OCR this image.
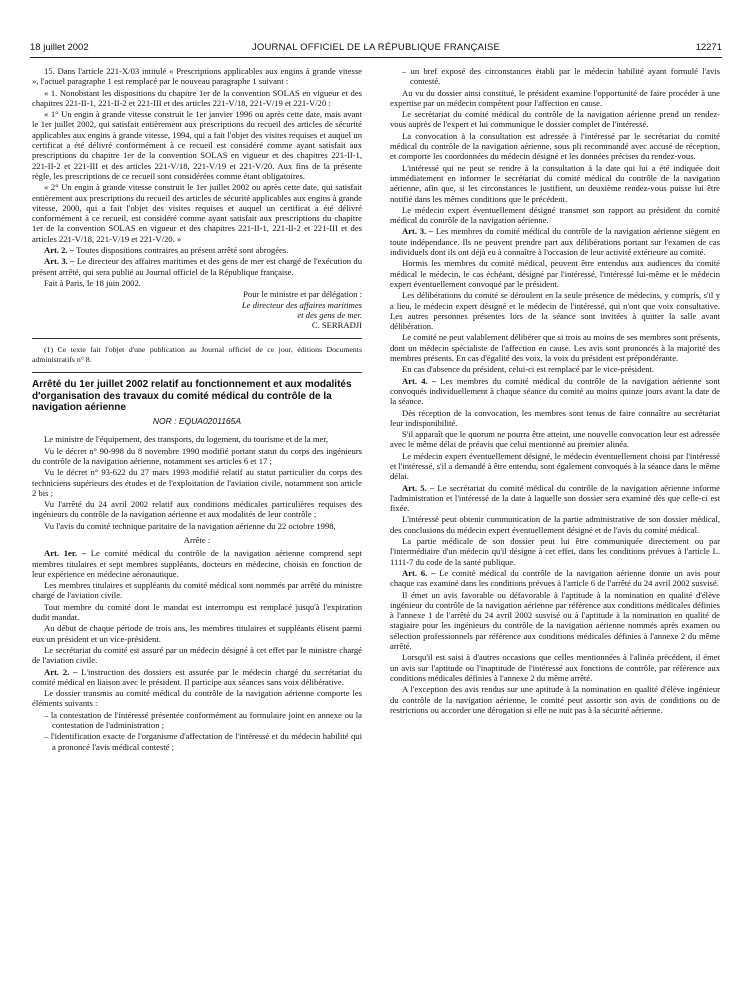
18 juillet 2002	JOURNAL OFFICIEL DE LA RÉPUBLIQUE FRANÇAISE	12271

15. Dans l'article 221-X/03 intitulé « Prescriptions applicables aux engins à grande vitesse », l'actuel paragraphe 1 est remplacé par le nouveau paragraphe 1 suivant :

« 1. Nonobstant les dispositions du chapitre 1er de la convention SOLAS en vigueur et des chapitres 221-II-1, 221-II-2 et 221-III et des articles 221-V/18, 221-V/19 et 221-V/20 :

« 1° Un engin à grande vitesse construit le 1er janvier 1996 ou après cette date, mais avant le 1er juillet 2002, qui satisfait entièrement aux prescriptions du recueil des articles de sécurité applicables aux engins à grande vitesse, 1994, qui a fait l'objet des visites requises et auquel un certificat a été délivré conformément à ce recueil est considéré comme ayant satisfait aux prescriptions du chapitre 1er de la convention SOLAS en vigueur et des chapitres 221-II-1, 221-II-2 et 221-III et des articles 221-V/18, 221-V/19 et 221-V/20. Aux fins de la présente règle, les prescriptions de ce recueil sont considérées comme étant obligatoires.

« 2° Un engin à grande vitesse construit le 1er juillet 2002 ou après cette date, qui satisfait entièrement aux prescriptions du recueil des articles de sécurité applicables aux engins à grande vitesse, 2000, qui a fait l'objet des visites requises et auquel un certificat a été délivré conformément à ce recueil, est considéré comme ayant satisfait aux prescriptions du chapitre 1er de la convention SOLAS en vigueur et des chapitres 221-II-1, 221-II-2 et 221-III et des articles 221-V/18, 221-V/19 et 221-V/20. »

Art. 2. – Toutes dispositions contraires au présent arrêté sont abrogées.

Art. 3. – Le directeur des affaires maritimes et des gens de mer est chargé de l'exécution du présent arrêté, qui sera publié au Journal officiel de la République française.

Fait à Paris, le 18 juin 2002.

Pour le ministre et par délégation :

Le directeur des affaires maritimes

et des gens de mer.

C. SERRADJI

(1) Ce texte fait l'objet d'une publication au Journal officiel de ce jour, éditions Documents administratifs n° 8.

Arrêté du 1er juillet 2002 relatif au fonctionnement et aux modalités d'organisation des travaux du comité médical du contrôle de la navigation aérienne

NOR : EQUA0201165A

Le ministre de l'équipement, des transports, du logement, du tourisme et de la mer,

Vu le décret n° 90-998 du 8 novembre 1990 modifié portant statut du corps des ingénieurs du contrôle de la navigation aérienne, notamment ses articles 6 et 17 ;

Vu le décret n° 93-622 du 27 mars 1993 modifié relatif au statut particulier du corps des techniciens supérieurs des études et de l'exploitation de l'aviation civile, notamment son article 2 bis ;

Vu l'arrêté du 24 avril 2002 relatif aux conditions médicales particulières requises des ingénieurs du contrôle de la navigation aérienne et aux modalités de leur contrôle ;

Vu l'avis du comité technique paritaire de la navigation aérienne du 22 octobre 1998,

Arrête :

Art. 1er. – Le comité médical du contrôle de la navigation aérienne comprend sept membres titulaires et sept membres suppléants, docteurs en médecine, choisis en fonction de leur expérience en médecine aéronautique.

Les membres titulaires et suppléants du comité médical sont nommés par arrêté du ministre chargé de l'aviation civile.

Tout membre du comité dont le mandat est interrompu est remplacé jusqu'à l'expiration dudit mandat.

Au début de chaque période de trois ans, les membres titulaires et suppléants élisent parmi eux un président et un vice-président.

Le secrétariat du comité est assuré par un médecin désigné à cet effet par le ministre chargé de l'aviation civile.

Art. 2. – L'instruction des dossiers est assurée par le médecin chargé du secrétariat du comité médical en liaison avec le président. Il participe aux séances sans voix délibérative.

Le dossier transmis au comité médical du contrôle de la navigation aérienne comporte les éléments suivants :

– la contestation de l'intéressé présentée conformément au formulaire joint en annexe ou la contestation de l'administration ;
– l'identification exacte de l'organisme d'affectation de l'intéressé et du médecin habilité qui a prononcé l'avis médical contesté ;
– un bref exposé des circonstances établi par le médecin habilité ayant formulé l'avis contesté.

Au vu du dossier ainsi constitué, le président examine l'opportunité de faire procéder à une expertise par un médecin compétent pour l'affection en cause.

Le secrétariat du comité médical du contrôle de la navigation aérienne prend un rendez-vous auprès de l'expert et lui communique le dossier complet de l'intéressé.

La convocation à la consultation est adressée à l'intéressé par le secrétariat du comité médical du contrôle de la navigation aérienne, sous pli recommandé avec accusé de réception, et comporte les coordonnées du médecin désigné et les données précises du rendez-vous.

L'intéressé qui ne peut se rendre à la consultation à la date qui lui a été indiquée doit immédiatement en informer le secrétariat du comité médical du contrôle de la navigation aérienne, afin que, si les circonstances le justifient, un deuxième rendez-vous puisse lui être notifié dans les mêmes conditions que le précédent.

Le médecin expert éventuellement désigné transmet son rapport au président du comité médical du contrôle de la navigation aérienne.

Art. 3. – Les membres du comité médical du contrôle de la navigation aérienne siègent en toute indépendance. Ils ne peuvent prendre part aux délibérations portant sur l'examen de cas individuels dont ils ont déjà eu à connaître à l'occasion de leur activité extérieure au comité.

Hormis les membres du comité médical, peuvent être entendus aux audiences du comité médical le médecin, le cas échéant, désigné par l'intéressé, l'intéressé lui-même et le médecin expert éventuellement convoqué par le président.

Les délibérations du comité se déroulent en la seule présence de médecins, y compris, s'il y a lieu, le médecin expert désigné et le médecin de l'intéressé, qui n'ont que voix consultative. Les autres personnes présentes lors de la séance sont invitées à quitter la salle avant délibération.

Le comité ne peut valablement délibérer que si trois au moins de ses membres sont présents, dont un médecin spécialiste de l'affection en cause. Les avis sont prononcés à la majorité des membres présents. En cas d'égalité des voix, la voix du président est prépondérante.

En cas d'absence du président, celui-ci est remplacé par le vice-président.

Art. 4. – Les membres du comité médical du contrôle de la navigation aérienne sont convoqués individuellement à chaque séance du comité au moins quinze jours avant la date de la séance.

Dès réception de la convocation, les membres sont tenus de faire connaître au secrétariat leur indisponibilité.

S'il apparaît que le quorum ne pourra être atteint, une nouvelle convocation leur est adressée avec le même délai de préavis que celui mentionné au premier alinéa.

Le médecin expert éventuellement désigné, le médecin éventuellement choisi par l'intéressé et l'intéressé, s'il a demandé à être entendu, sont également convoqués à la séance dans le même délai.

Art. 5. – Le secrétariat du comité médical du contrôle de la navigation aérienne informe l'administration et l'intéressé de la date à laquelle son dossier sera examiné dès que celle-ci est fixée.

L'intéressé peut obtenir communication de la partie administrative de son dossier médical, des conclusions du médecin expert éventuellement désigné et de l'avis du comité médical.

La partie médicale de son dossier peut lui être communiquée directement ou par l'intermédiaire d'un médecin qu'il désigne à cet effet, dans les conditions prévues à l'article L. 1111-7 du code de la santé publique.

Art. 6. – Le comité médical du contrôle de la navigation aérienne donne un avis pour chaque cas examiné dans les conditions prévues à l'article 6 de l'arrêté du 24 avril 2002 susvisé.

Il émet un avis favorable ou défavorable à l'aptitude à la nomination en qualité d'élève ingénieur du contrôle de la navigation aérienne par référence aux conditions médicales définies à l'annexe 1 de l'arrêté du 24 avril 2002 susvisé ou à l'aptitude à la nomination en qualité de stagiaire pour les ingénieurs du contrôle de la navigation aérienne nommés après examen ou sélection professionnels par référence aux conditions médicales définies à l'annexe 2 du même arrêté.

Lorsqu'il est saisi à d'autres occasions que celles mentionnées à l'alinéa précédent, il émet un avis sur l'aptitude ou l'inaptitude de l'intéressé aux fonctions de contrôle, par référence aux conditions médicales définies à l'annexe 2 du même arrêté.

A l'exception des avis rendus sur une aptitude à la nomination en qualité d'élève ingénieur du contrôle de la navigation aérienne, le comité peut assortir son avis de conditions ou de restrictions ou accorder une dérogation si elle ne nuit pas à la sécurité aérienne.
